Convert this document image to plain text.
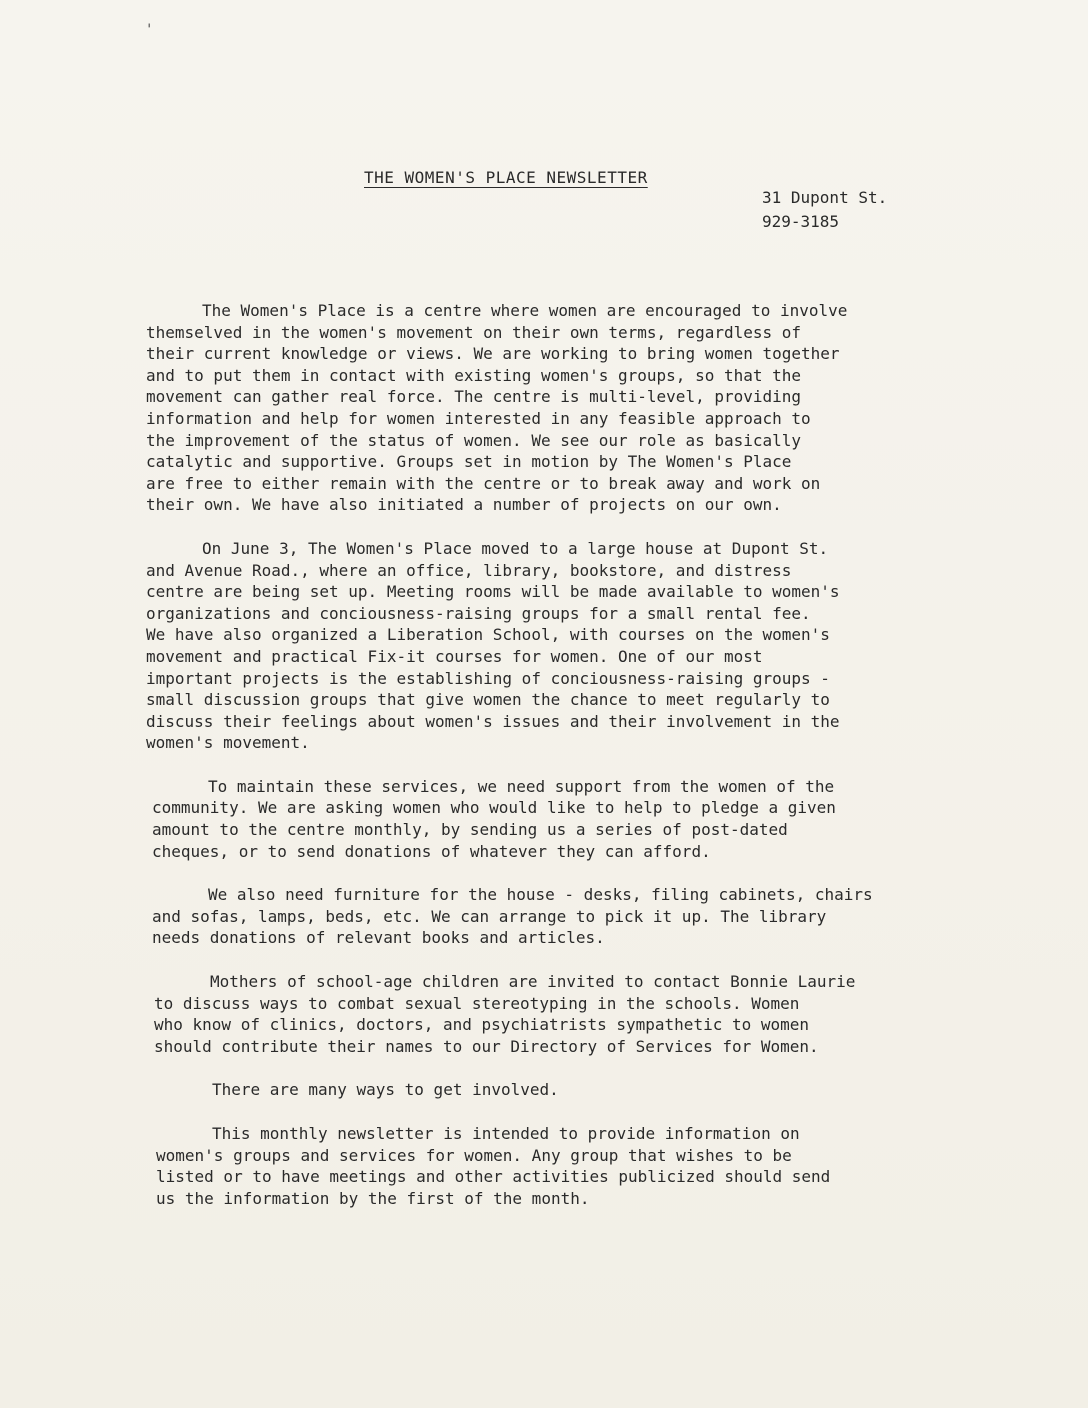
'
THE WOMEN'S PLACE NEWSLETTER
31 Dupont St.
929-3185
The Women's Place is a centre where women are encouraged to involve
themselved in the women's movement on their own terms, regardless of
their current knowledge or views. We are working to bring women together
and to put them in contact with existing women's groups, so that the
movement can gather real force. The centre is multi-level, providing
information and help for women interested in any feasible approach to
the improvement of the status of women. We see our role as basically
catalytic and supportive. Groups set in motion by The Women's Place
are free to either remain with the centre or to break away and work on
their own. We have also initiated a number of projects on our own.
On June 3, The Women's Place moved to a large house at Dupont St.
and Avenue Road., where an office, library, bookstore, and distress
centre are being set up. Meeting rooms will be made available to women's
organizations and conciousness-raising groups for a small rental fee.
We have also organized a Liberation School, with courses on the women's
movement and practical Fix-it courses for women. One of our most
important projects is the establishing of conciousness-raising groups -
small discussion groups that give women the chance to meet regularly to
discuss their feelings about women's issues and their involvement in the
women's movement.
To maintain these services, we need support from the women of the
community. We are asking women who would like to help to pledge a given
amount to the centre monthly, by sending us a series of post-dated
cheques, or to send donations of whatever they can afford.
We also need furniture for the house - desks, filing cabinets, chairs
and sofas, lamps, beds, etc. We can arrange to pick it up. The library
needs donations of relevant books and articles.
Mothers of school-age children are invited to contact Bonnie Laurie
to discuss ways to combat sexual stereotyping in the schools. Women
who know of clinics, doctors, and psychiatrists sympathetic to women
should contribute their names to our Directory of Services for Women.
There are many ways to get involved.
This monthly newsletter is intended to provide information on
women's groups and services for women. Any group that wishes to be
listed or to have meetings and other activities publicized should send
us the information by the first of the month.
